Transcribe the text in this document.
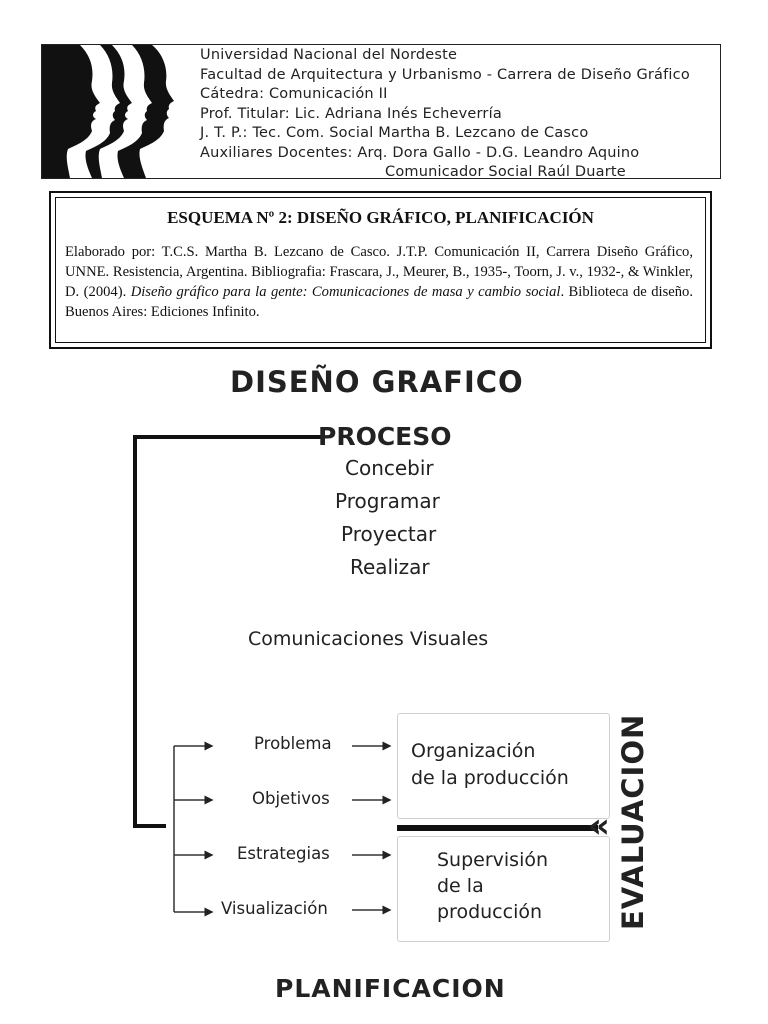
Universidad Nacional del Nordeste
Facultad de Arquitectura y Urbanismo - Carrera de Diseño Gráfico
Cátedra: Comunicación II
Prof. Titular: Lic. Adriana Inés Echeverría
J. T. P.: Tec. Com. Social Martha B. Lezcano de Casco
Auxiliares Docentes: Arq. Dora Gallo - D.G. Leandro Aquino
Comunicador Social Raúl Duarte
ESQUEMA Nº 2: DISEÑO GRÁFICO, PLANIFICACIÓN
Elaborado por: T.C.S. Martha B. Lezcano de Casco. J.T.P. Comunicación II, Carrera Diseño Gráfico, UNNE. Resistencia, Argentina. Bibliografia: Frascara, J., Meurer, B., 1935-, Toorn, J. v., 1932-, & Winkler, D. (2004). Diseño gráfico para la gente: Comunicaciones de masa y cambio social. Biblioteca de diseño. Buenos Aires: Ediciones Infinito.
DISEÑO GRAFICO
PROCESO
Concebir
Programar
Proyectar
Realizar
Comunicaciones Visuales
Problema
Objetivos
Estrategias
Visualización
Organización
de la producción
Supervisión
de la
producción
« EVALUACION
PLANIFICACION
